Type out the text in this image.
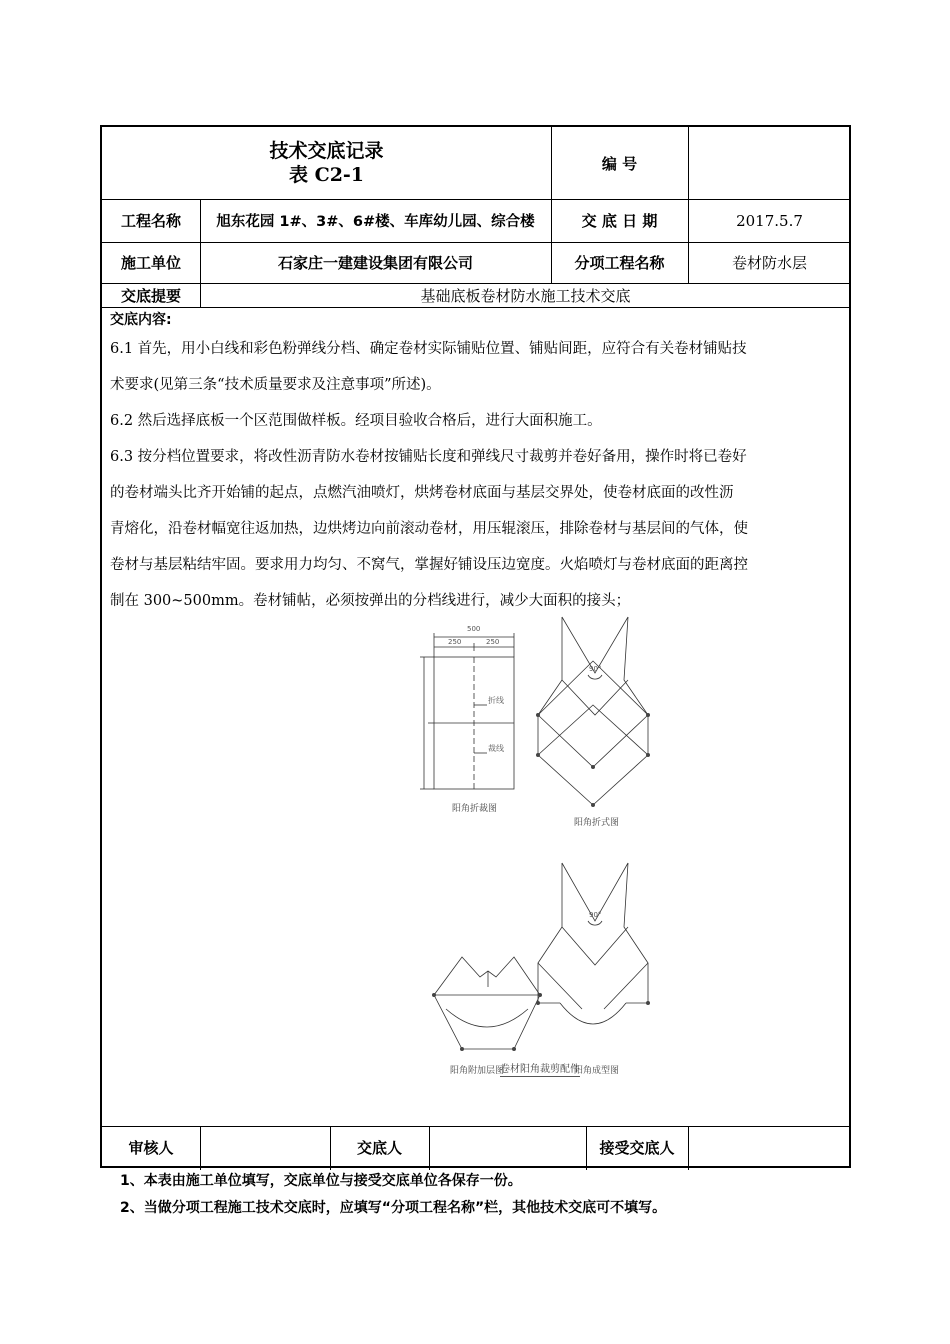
技术交底记录
表 C2-1
编 号
工程名称	旭东花园 1#、3#、6#楼、车库幼儿园、综合楼	交 底 日 期	2017.5.7
施工单位	石家庄一建建设集团有限公司	分项工程名称	卷材防水层
交底提要	基础底板卷材防水施工技术交底
交底内容:

6.1 首先，用小白线和彩色粉弹线分档、确定卷材实际铺贴位置、铺贴间距，应符合有关卷材铺贴技

术要求(见第三条“技术质量要求及注意事项”所述)。

6.2 然后选择底板一个区范围做样板。经项目验收合格后，进行大面积施工。

6.3 按分档位置要求，将改性沥青防水卷材按铺贴长度和弹线尺寸裁剪并卷好备用，操作时将已卷好

的卷材端头比齐开始铺的起点，点燃汽油喷灯，烘烤卷材底面与基层交界处，使卷材底面的改性沥

青熔化，沿卷材幅宽往返加热，边烘烤边向前滚动卷材，用压辊滚压，排除卷材与基层间的气体，使

卷材与基层粘结牢固。要求用力均匀、不窝气，掌握好铺设压边宽度。火焰喷灯与卷材底面的距离控

制在 300~500mm。卷材铺帖，必须按弹出的分档线进行，减少大面积的接头；

500
250	250
折线
裁线
90°
90°
阳角折裁图
阳角折式图
阳角附加层图	阳角成型图
卷材阳角裁剪配件
审核人	交底人	接受交底人
1、本表由施工单位填写，交底单位与接受交底单位各保存一份。
2、当做分项工程施工技术交底时，应填写“分项工程名称”栏，其他技术交底可不填写。
